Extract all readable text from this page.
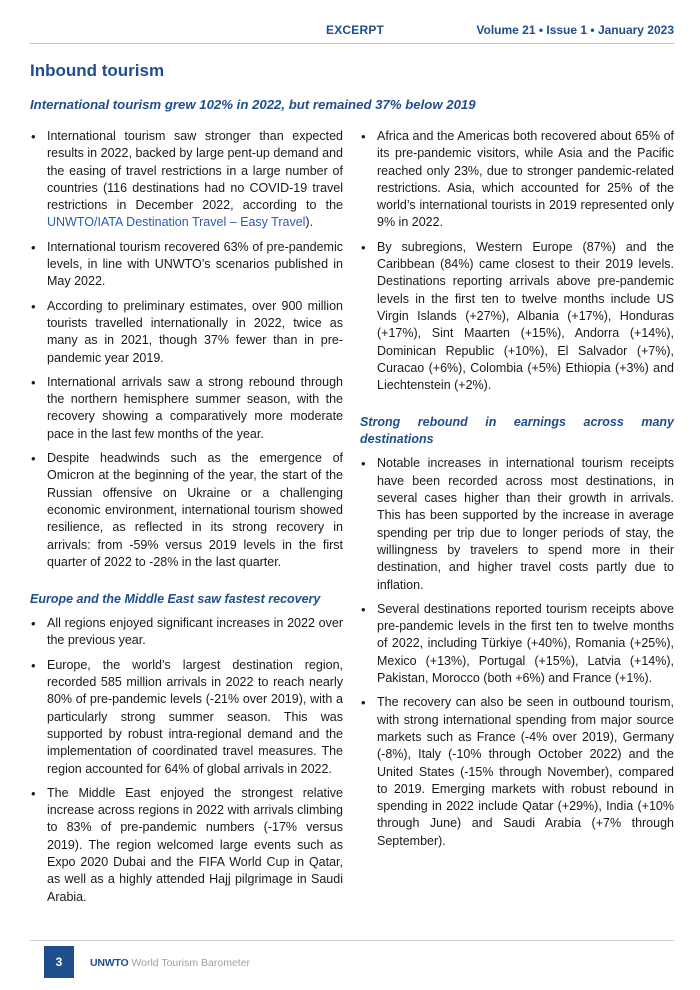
EXCERPT	Volume 21 • Issue 1 • January 2023
Inbound tourism
International tourism grew 102% in 2022, but remained 37% below 2019
• International tourism saw stronger than expected results in 2022, backed by large pent-up demand and the easing of travel restrictions in a large number of countries (116 destinations had no COVID-19 travel restrictions in December 2022, according to the UNWTO/IATA Destination Travel – Easy Travel).
• International tourism recovered 63% of pre-pandemic levels, in line with UNWTO’s scenarios published in May 2022.
• According to preliminary estimates, over 900 million tourists travelled internationally in 2022, twice as many as in 2021, though 37% fewer than in pre-pandemic year 2019.
• International arrivals saw a strong rebound through the northern hemisphere summer season, with the recovery showing a comparatively more moderate pace in the last few months of the year.
• Despite headwinds such as the emergence of Omicron at the beginning of the year, the start of the Russian offensive on Ukraine or a challenging economic environment, international tourism showed resilience, as reflected in its strong recovery in arrivals: from -59% versus 2019 levels in the first quarter of 2022 to -28% in the last quarter.
Europe and the Middle East saw fastest recovery
• All regions enjoyed significant increases in 2022 over the previous year.
• Europe, the world’s largest destination region, recorded 585 million arrivals in 2022 to reach nearly 80% of pre-pandemic levels (-21% over 2019), with a particularly strong summer season. This was supported by robust intra-regional demand and the implementation of coordinated travel measures. The region accounted for 64% of global arrivals in 2022.
• The Middle East enjoyed the strongest relative increase across regions in 2022 with arrivals climbing to 83% of pre-pandemic numbers (-17% versus 2019). The region welcomed large events such as Expo 2020 Dubai and the FIFA World Cup in Qatar, as well as a highly attended Hajj pilgrimage in Saudi Arabia.
• Africa and the Americas both recovered about 65% of its pre-pandemic visitors, while Asia and the Pacific reached only 23%, due to stronger pandemic-related restrictions. Asia, which accounted for 25% of the world’s international tourists in 2019 represented only 9% in 2022.
• By subregions, Western Europe (87%) and the Caribbean (84%) came closest to their 2019 levels. Destinations reporting arrivals above pre-pandemic levels in the first ten to twelve months include US Virgin Islands (+27%), Albania (+17%), Honduras (+17%), Sint Maarten (+15%), Andorra (+14%), Dominican Republic (+10%), El Salvador (+7%), Curacao (+6%), Colombia (+5%) Ethiopia (+3%) and Liechtenstein (+2%).
Strong rebound in earnings across many destinations
• Notable increases in international tourism receipts have been recorded across most destinations, in several cases higher than their growth in arrivals. This has been supported by the increase in average spending per trip due to longer periods of stay, the willingness by travelers to spend more in their destination, and higher travel costs partly due to inflation.
• Several destinations reported tourism receipts above pre-pandemic levels in the first ten to twelve months of 2022, including Türkiye (+40%), Romania (+25%), Mexico (+13%), Portugal (+15%), Latvia (+14%), Pakistan, Morocco (both +6%) and France (+1%).
• The recovery can also be seen in outbound tourism, with strong international spending from major source markets such as France (-4% over 2019), Germany (-8%), Italy (-10% through October 2022) and the United States (-15% through November), compared to 2019. Emerging markets with robust rebound in spending in 2022 include Qatar (+29%), India (+10% through June) and Saudi Arabia (+7% through September).
3	UNWTO World Tourism Barometer
